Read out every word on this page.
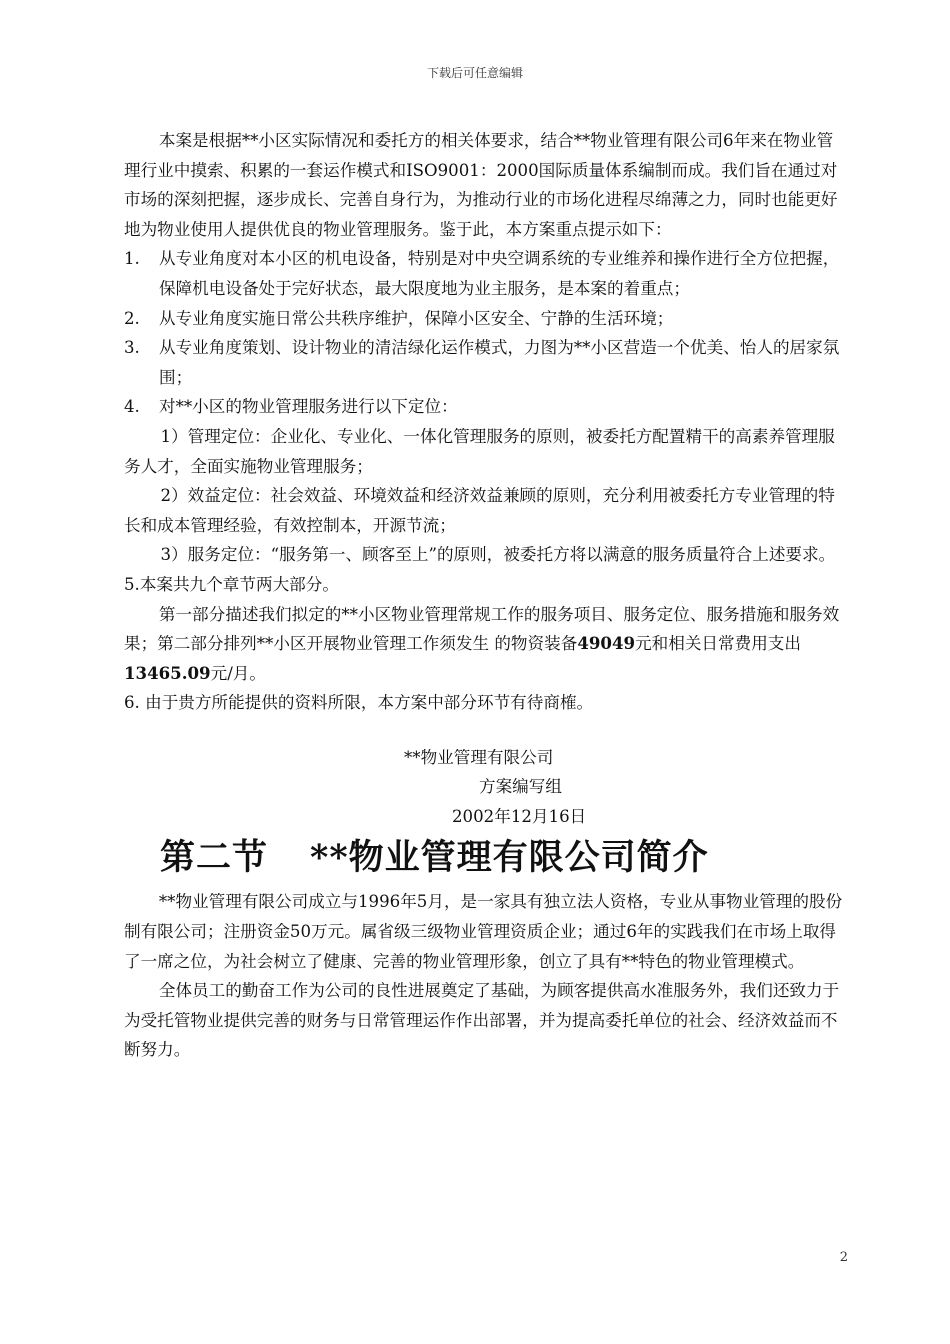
下载后可任意编辑

本案是根据**小区实际情况和委托方的相关体要求，结合**物业管理有限公司6年来在物业管理行业中摸索、积累的一套运作模式和ISO9001：2000国际质量体系编制而成。我们旨在通过对市场的深刻把握，逐步成长、完善自身行为，为推动行业的市场化进程尽绵薄之力，同时也能更好地为物业使用人提供优良的物业管理服务。鉴于此，本方案重点提示如下：

1.	从专业角度对本小区的机电设备，特别是对中央空调系统的专业维养和操作进行全方位把握，保障机电设备处于完好状态，最大限度地为业主服务，是本案的着重点；
2.	从专业角度实施日常公共秩序维护，保障小区安全、宁静的生活环境；
3.	从专业角度策划、设计物业的清洁绿化运作模式，力图为**小区营造一个优美、怡人的居家氛围；
4.	对**小区的物业管理服务进行以下定位：

1）管理定位：企业化、专业化、一体化管理服务的原则，被委托方配置精干的高素养管理服务人才，全面实施物业管理服务；

2）效益定位：社会效益、环境效益和经济效益兼顾的原则，充分利用被委托方专业管理的特长和成本管理经验，有效控制本，开源节流；

3）服务定位：“服务第一、顾客至上”的原则，被委托方将以满意的服务质量符合上述要求。

5.本案共九个章节两大部分。

第一部分描述我们拟定的**小区物业管理常规工作的服务项目、服务定位、服务措施和服务效果；第二部分排列**小区开展物业管理工作须发生 的物资装备49049元和相关日常费用支出13465.09元/月。

6. 由于贵方所能提供的资料所限，本方案中部分环节有待商榷。

**物业管理有限公司
方案编写组
2002年12月16日
第二节 **物业管理有限公司简介

**物业管理有限公司成立与1996年5月，是一家具有独立法人资格，专业从事物业管理的股份制有限公司；注册资金50万元。属省级三级物业管理资质企业；通过6年的实践我们在市场上取得了一席之位，为社会树立了健康、完善的物业管理形象，创立了具有**特色的物业管理模式。

全体员工的勤奋工作为公司的良性进展奠定了基础，为顾客提供高水准服务外，我们还致力于为受托管物业提供完善的财务与日常管理运作作出部署，并为提高委托单位的社会、经济效益而不断努力。

2
